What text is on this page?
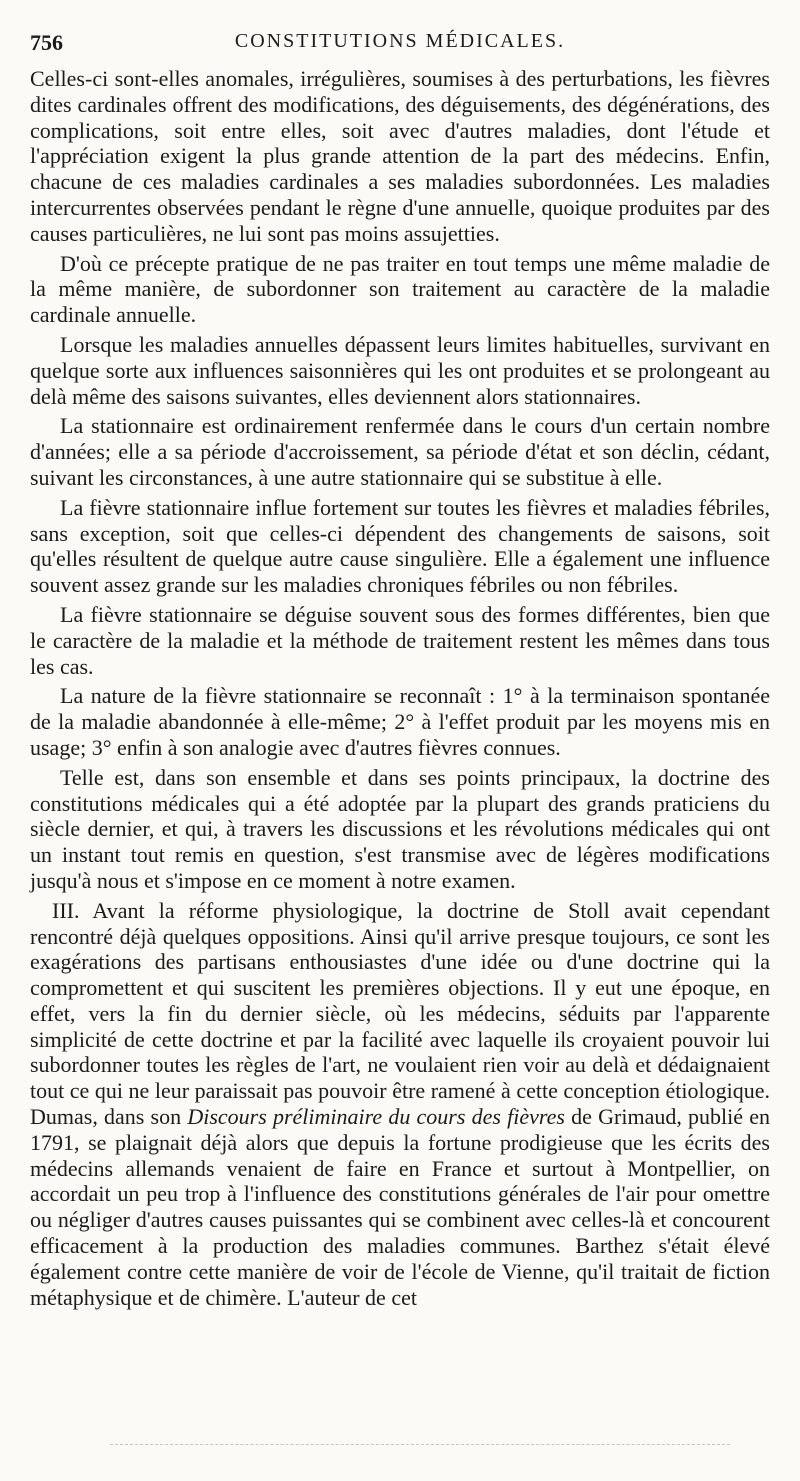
756	CONSTITUTIONS MÉDICALES.

Celles-ci sont-elles anomales, irrégulières, soumises à des perturbations, les fièvres dites cardinales offrent des modifications, des déguisements, des dégénérations, des complications, soit entre elles, soit avec d'autres maladies, dont l'étude et l'appréciation exigent la plus grande attention de la part des médecins. Enfin, chacune de ces maladies cardinales a ses maladies subordonnées. Les maladies intercurrentes observées pendant le règne d'une annuelle, quoique produites par des causes particulières, ne lui sont pas moins assujetties.

D'où ce précepte pratique de ne pas traiter en tout temps une même maladie de la même manière, de subordonner son traitement au caractère de la maladie cardinale annuelle.

Lorsque les maladies annuelles dépassent leurs limites habituelles, survivant en quelque sorte aux influences saisonnières qui les ont produites et se prolongeant au delà même des saisons suivantes, elles deviennent alors stationnaires.

La stationnaire est ordinairement renfermée dans le cours d'un certain nombre d'années; elle a sa période d'accroissement, sa période d'état et son déclin, cédant, suivant les circonstances, à une autre stationnaire qui se substitue à elle.

La fièvre stationnaire influe fortement sur toutes les fièvres et maladies fébriles, sans exception, soit que celles-ci dépendent des changements de saisons, soit qu'elles résultent de quelque autre cause singulière. Elle a également une influence souvent assez grande sur les maladies chroniques fébriles ou non fébriles.

La fièvre stationnaire se déguise souvent sous des formes différentes, bien que le caractère de la maladie et la méthode de traitement restent les mêmes dans tous les cas.

La nature de la fièvre stationnaire se reconnaît : 1° à la terminaison spontanée de la maladie abandonnée à elle-même; 2° à l'effet produit par les moyens mis en usage; 3° enfin à son analogie avec d'autres fièvres connues.

Telle est, dans son ensemble et dans ses points principaux, la doctrine des constitutions médicales qui a été adoptée par la plupart des grands praticiens du siècle dernier, et qui, à travers les discussions et les révolutions médicales qui ont un instant tout remis en question, s'est transmise avec de légères modifications jusqu'à nous et s'impose en ce moment à notre examen.

III. Avant la réforme physiologique, la doctrine de Stoll avait cependant rencontré déjà quelques oppositions. Ainsi qu'il arrive presque toujours, ce sont les exagérations des partisans enthousiastes d'une idée ou d'une doctrine qui la compromettent et qui suscitent les premières objections. Il y eut une époque, en effet, vers la fin du dernier siècle, où les médecins, séduits par l'apparente simplicité de cette doctrine et par la facilité avec laquelle ils croyaient pouvoir lui subordonner toutes les règles de l'art, ne voulaient rien voir au delà et dédaignaient tout ce qui ne leur paraissait pas pouvoir être ramené à cette conception étiologique. Dumas, dans son Discours préliminaire du cours des fièvres de Grimaud, publié en 1791, se plaignait déjà alors que depuis la fortune prodigieuse que les écrits des médecins allemands venaient de faire en France et surtout à Montpellier, on accordait un peu trop à l'influence des constitutions générales de l'air pour omettre ou négliger d'autres causes puissantes qui se combinent avec celles-là et concourent efficacement à la production des maladies communes. Barthez s'était élevé également contre cette manière de voir de l'école de Vienne, qu'il traitait de fiction métaphysique et de chimère. L'auteur de cet
